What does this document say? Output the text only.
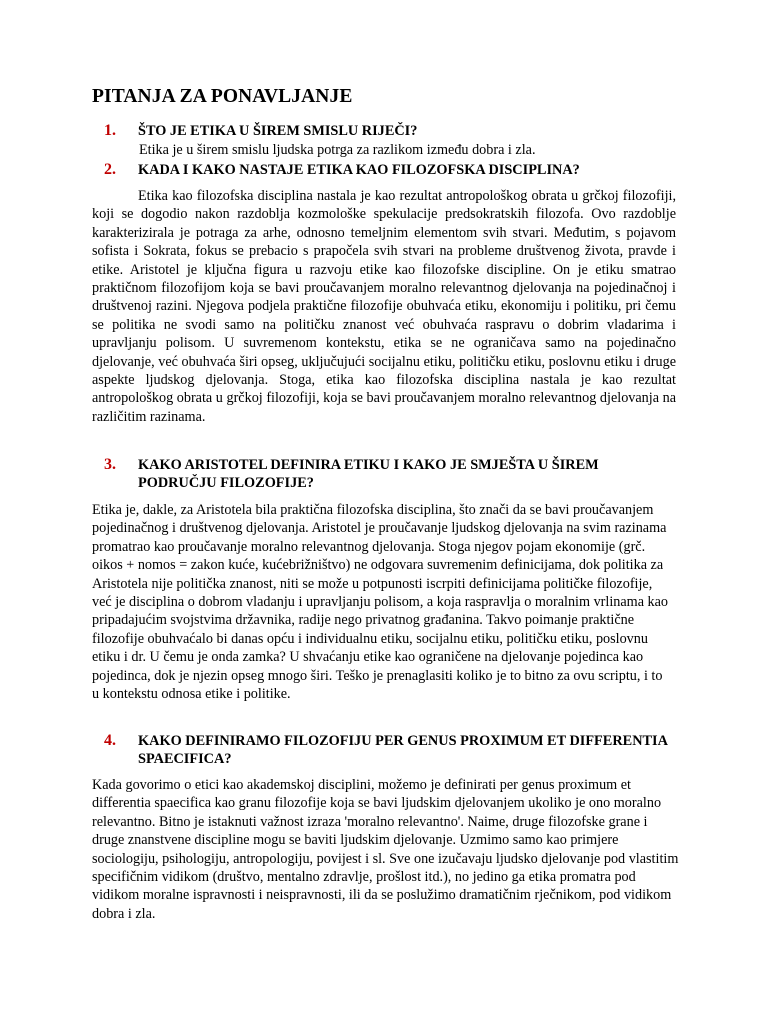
PITANJA ZA PONAVLJANJE
1.	ŠTO JE ETIKA U ŠIREM SMISLU RIJEČI?

Etika je u širem smislu ljudska potrga za razlikom između dobra i zla.

2.	KADA I KAKO NASTAJE ETIKA KAO FILOZOFSKA DISCIPLINA?

Etika kao filozofska disciplina nastala je kao rezultat antropološkog obrata u grčkoj filozofiji, koji se dogodio nakon razdoblja kozmološke spekulacije predsokratskih filozofa. Ovo razdoblje karakterizirala je potraga za arhe, odnosno temeljnim elementom svih stvari. Međutim, s pojavom sofista i Sokrata, fokus se prebacio s prapočela svih stvari na probleme društvenog života, pravde i etike. Aristotel je ključna figura u razvoju etike kao filozofske discipline. On je etiku smatrao praktičnom filozofijom koja se bavi proučavanjem moralno relevantnog djelovanja na pojedinačnoj i društvenoj razini. Njegova podjela praktične filozofije obuhvaća etiku, ekonomiju i politiku, pri čemu se politika ne svodi samo na političku znanost već obuhvaća raspravu o dobrim vladarima i upravljanju polisom. U suvremenom kontekstu, etika se ne ograničava samo na pojedinačno djelovanje, već obuhvaća širi opseg, uključujući socijalnu etiku, političku etiku, poslovnu etiku i druge aspekte ljudskog djelovanja. Stoga, etika kao filozofska disciplina nastala je kao rezultat antropološkog obrata u grčkoj filozofiji, koja se bavi proučavanjem moralno relevantnog djelovanja na različitim razinama.

3.	KAKO ARISTOTEL DEFINIRA ETIKU I KAKO JE SMJEŠTA U ŠIREM PODRUČJU FILOZOFIJE?

Etika je, dakle, za Aristotela bila praktična filozofska disciplina, što znači da se bavi proučavanjem pojedinačnog i društvenog djelovanja. Aristotel je proučavanje ljudskog djelovanja na svim razinama promatrao kao proučavanje moralno relevantnog djelovanja. Stoga njegov pojam ekonomije (grč. oikos + nomos = zakon kuće, kućebrižništvo) ne odgovara suvremenim definicijama, dok politika za Aristotela nije politička znanost, niti se može u potpunosti iscrpiti definicijama političke filozofije, već je disciplina o dobrom vladanju i upravljanju polisom, a koja raspravlja o moralnim vrlinama kao pripadajućim svojstvima državnika, radije nego privatnog građanina. Takvo poimanje praktične filozofije obuhvaćalo bi danas opću i individualnu etiku, socijalnu etiku, političku etiku, poslovnu etiku i dr. U čemu je onda zamka? U shvaćanju etike kao ograničene na djelovanje pojedinca kao pojedinca, dok je njezin opseg mnogo širi. Teško je prenaglasiti koliko je to bitno za ovu scriptu, i to u kontekstu odnosa etike i politike.

4.	KAKO DEFINIRAMO FILOZOFIJU PER GENUS PROXIMUM ET DIFFERENTIA SPAECIFICA?

Kada govorimo o etici kao akademskoj disciplini, možemo je definirati per genus proximum et differentia spaecifica kao granu filozofije koja se bavi ljudskim djelovanjem ukoliko je ono moralno relevantno. Bitno je istaknuti važnost izraza 'moralno relevantno'. Naime, druge filozofske grane i druge znanstvene discipline mogu se baviti ljudskim djelovanje. Uzmimo samo kao primjere sociologiju, psihologiju, antropologiju, povijest i sl. Sve one izučavaju ljudsko djelovanje pod vlastitim specifičnim vidikom (društvo, mentalno zdravlje, prošlost itd.), no jedino ga etika promatra pod vidikom moralne ispravnosti i neispravnosti, ili da se poslužimo dramatičnim rječnikom, pod vidikom dobra i zla.
